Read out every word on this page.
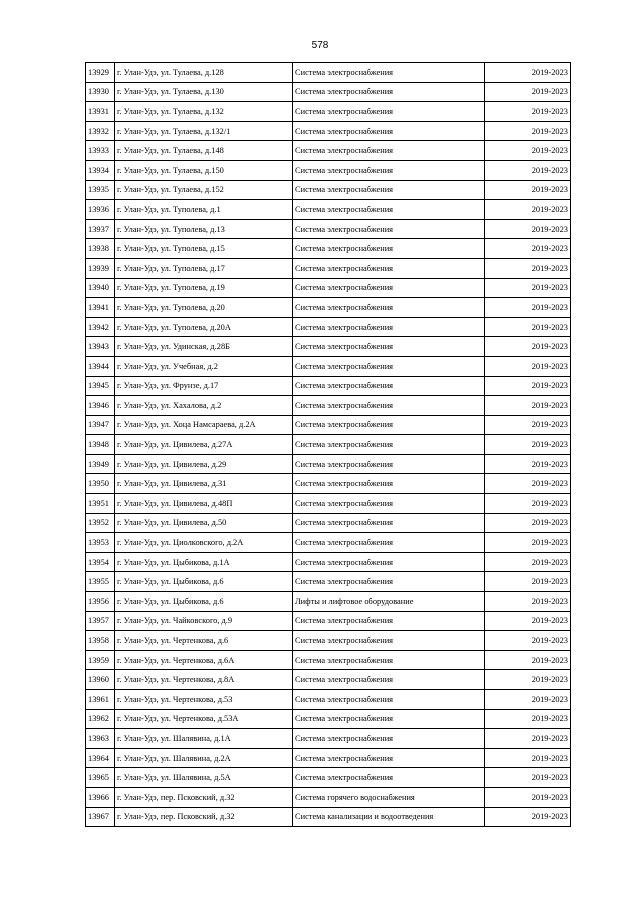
578
13929	г. Улан-Удэ, ул. Тулаева, д.128	Система электроснабжения	2019-2023
13930	г. Улан-Удэ, ул. Тулаева, д.130	Система электроснабжения	2019-2023
13931	г. Улан-Удэ, ул. Тулаева, д.132	Система электроснабжения	2019-2023
13932	г. Улан-Удэ, ул. Тулаева, д.132/1	Система электроснабжения	2019-2023
13933	г. Улан-Удэ, ул. Тулаева, д.148	Система электроснабжения	2019-2023
13934	г. Улан-Удэ, ул. Тулаева, д.150	Система электроснабжения	2019-2023
13935	г. Улан-Удэ, ул. Тулаева, д.152	Система электроснабжения	2019-2023
13936	г. Улан-Удэ, ул. Туполева, д.1	Система электроснабжения	2019-2023
13937	г. Улан-Удэ, ул. Туполева, д.13	Система электроснабжения	2019-2023
13938	г. Улан-Удэ, ул. Туполева, д.15	Система электроснабжения	2019-2023
13939	г. Улан-Удэ, ул. Туполева, д.17	Система электроснабжения	2019-2023
13940	г. Улан-Удэ, ул. Туполева, д.19	Система электроснабжения	2019-2023
13941	г. Улан-Удэ, ул. Туполева, д.20	Система электроснабжения	2019-2023
13942	г. Улан-Удэ, ул. Туполева, д.20А	Система электроснабжения	2019-2023
13943	г. Улан-Удэ, ул. Удинская, д.28Б	Система электроснабжения	2019-2023
13944	г. Улан-Удэ, ул. Учебная, д.2	Система электроснабжения	2019-2023
13945	г. Улан-Удэ, ул. Фрунзе, д.17	Система электроснабжения	2019-2023
13946	г. Улан-Удэ, ул. Хахалова, д.2	Система электроснабжения	2019-2023
13947	г. Улан-Удэ, ул. Хоца Намсараева, д.2А	Система электроснабжения	2019-2023
13948	г. Улан-Удэ, ул. Цивилева, д.27А	Система электроснабжения	2019-2023
13949	г. Улан-Удэ, ул. Цивилева, д.29	Система электроснабжения	2019-2023
13950	г. Улан-Удэ, ул. Цивилева, д.31	Система электроснабжения	2019-2023
13951	г. Улан-Удэ, ул. Цивилева, д.48П	Система электроснабжения	2019-2023
13952	г. Улан-Удэ, ул. Цивилева, д.50	Система электроснабжения	2019-2023
13953	г. Улан-Удэ, ул. Циолковского, д.2А	Система электроснабжения	2019-2023
13954	г. Улан-Удэ, ул. Цыбикова, д.1А	Система электроснабжения	2019-2023
13955	г. Улан-Удэ, ул. Цыбикова, д.6	Система электроснабжения	2019-2023
13956	г. Улан-Удэ, ул. Цыбикова, д.6	Лифты и лифтовое оборудование	2019-2023
13957	г. Улан-Удэ, ул. Чайковского, д.9	Система электроснабжения	2019-2023
13958	г. Улан-Удэ, ул. Чертенкова, д.6	Система электроснабжения	2019-2023
13959	г. Улан-Удэ, ул. Чертенкова, д.6А	Система электроснабжения	2019-2023
13960	г. Улан-Удэ, ул. Чертенкова, д.8А	Система электроснабжения	2019-2023
13961	г. Улан-Удэ, ул. Чертенкова, д.53	Система электроснабжения	2019-2023
13962	г. Улан-Удэ, ул. Чертенкова, д.53А	Система электроснабжения	2019-2023
13963	г. Улан-Удэ, ул. Шалявина, д.1А	Система электроснабжения	2019-2023
13964	г. Улан-Удэ, ул. Шалявина, д.2А	Система электроснабжения	2019-2023
13965	г. Улан-Удэ, ул. Шалявина, д.5А	Система электроснабжения	2019-2023
13966	г. Улан-Удэ, пер. Псковский, д.32	Система горячего водоснабжения	2019-2023
13967	г. Улан-Удэ, пер. Псковский, д.32	Система канализации и водоотведения	2019-2023
